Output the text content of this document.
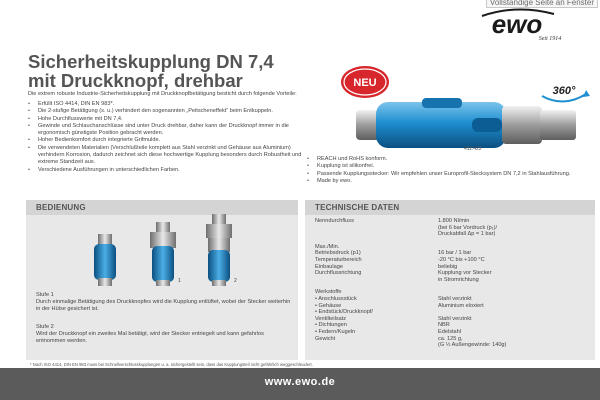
Vollständige Seite an Fenster
ewo
Seit 1914
Sicherheitskupplung DN 7,4
mit Druckknopf, drehbar
Die extrem robuste Industrie-Sicherheitskupplung mit Druckknopfbetätigung besticht durch folgende Vorteile:
• Erfüllt ISO 4414, DIN EN 983*.
• Die 2-stufige Betätigung (s. u.) verhindert den sogenannten „Peitscheneffekt“ beim Entkuppeln.
• Hohe Durchflusswerte mit DN 7,4.
• Gewinde und Schlauchanschlüsse sind unter Druck drehbar, daher kann der Druckknopf immer in die ergonomisch günstigste Position gebracht werden.
• Hoher Bedienkomfort durch integrierte Grifmulde.
• Die verwendeten Materialien (Verschlußteile komplett aus Stahl verzinkt und Gehäuse aus Aluminium) verhindern Korrosion, dadurch zeichnet sich diese hochwertige Kupplung besonders durch Robustheit und extreme Standzeit aus.
• Verschiedene Ausführungen in unterschiedlichen Farben.
• REACH und RoHS konform.
• Kupplung ist silikonfrei.
• Passende Kupplungsstecker: Wir empfehlen unser Europrofil-Stecksystem DN 7,2 in Stahlausführung.
• Made by ewo.
NEU
360°
411.422
BEDIENUNG
1	2
Stufe 1
Durch einmalige Betätigung des Druckknopfes wird die Kupplung entlüftet, wobei der Stecker weiterhin in der Hülse gesichert ist.
Stufe 2
Wird der Druckknopf ein zweites Mal betätigt, wird der Stecker entriegelt und kann gefahrlos entnommen werden.
TECHNISCHE DATEN
Nenndurchfluss	1.800 Nl/min
(bei 6 bar Vordruck (p₁)/
Druckabfall Δp = 1 bar)
Max./Min.
Betriebsdruck (p1)	16 bar / 1 bar
Temperaturbereich	-20 °C bis +100 °C
Einbaulage	beliebig
Durchflussrichtung	Kupplung vor Stecker
in Stromrichtung
Werkstoffe
• Anschlussstück	Stahl verzinkt
• Gehäuse	Aluminium eloxiert
• Endstück/Druckknopf/
Ventilteilsatz	Stahl verzinkt
• Dichtungen	NBR
• Federn/Kugeln	Edelstahl
Gewicht	ca. 125 g,
(G ½ Außengewinde: 140g)
* Nach ISO 4414, DIN EN 983 muss bei Schnellverschlusskupplungen u. a. sichergestellt sein, dass das Kupplungsteil nicht gefährlich weggeschleudert.
www.ewo.de
